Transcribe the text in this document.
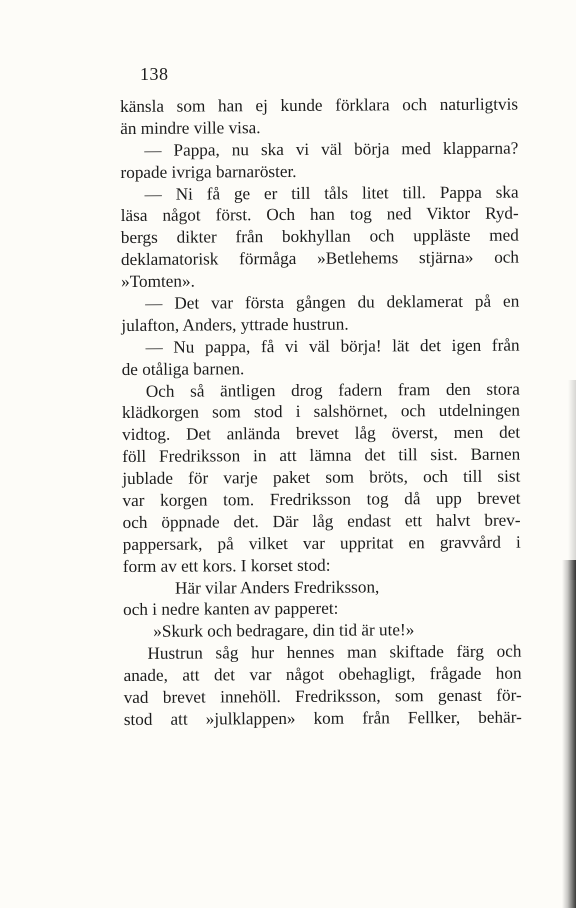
138
känsla som han ej kunde förklara och naturligtvis
än mindre ville visa.
— Pappa, nu ska vi väl börja med klapparna?
ropade ivriga barnaröster.
— Ni få ge er till tåls litet till. Pappa ska
läsa något först. Och han tog ned Viktor Ryd-
bergs dikter från bokhyllan och uppläste med
deklamatorisk förmåga »Betlehems stjärna» och
»Tomten».
— Det var första gången du deklamerat på en
julafton, Anders, yttrade hustrun.
— Nu pappa, få vi väl börja! lät det igen från
de otåliga barnen.
Och så äntligen drog fadern fram den stora
klädkorgen som stod i salshörnet, och utdelningen
vidtog. Det anlända brevet låg överst, men det
föll Fredriksson in att lämna det till sist. Barnen
jublade för varje paket som bröts, och till sist
var korgen tom. Fredriksson tog då upp brevet
och öppnade det. Där låg endast ett halvt brev-
pappersark, på vilket var uppritat en gravvård i
form av ett kors. I korset stod:
Här vilar Anders Fredriksson,
och i nedre kanten av papperet:
»Skurk och bedragare, din tid är ute!»
Hustrun såg hur hennes man skiftade färg och
anade, att det var något obehagligt, frågade hon
vad brevet innehöll. Fredriksson, som genast för-
stod att »julklappen» kom från Fellker, behär-
